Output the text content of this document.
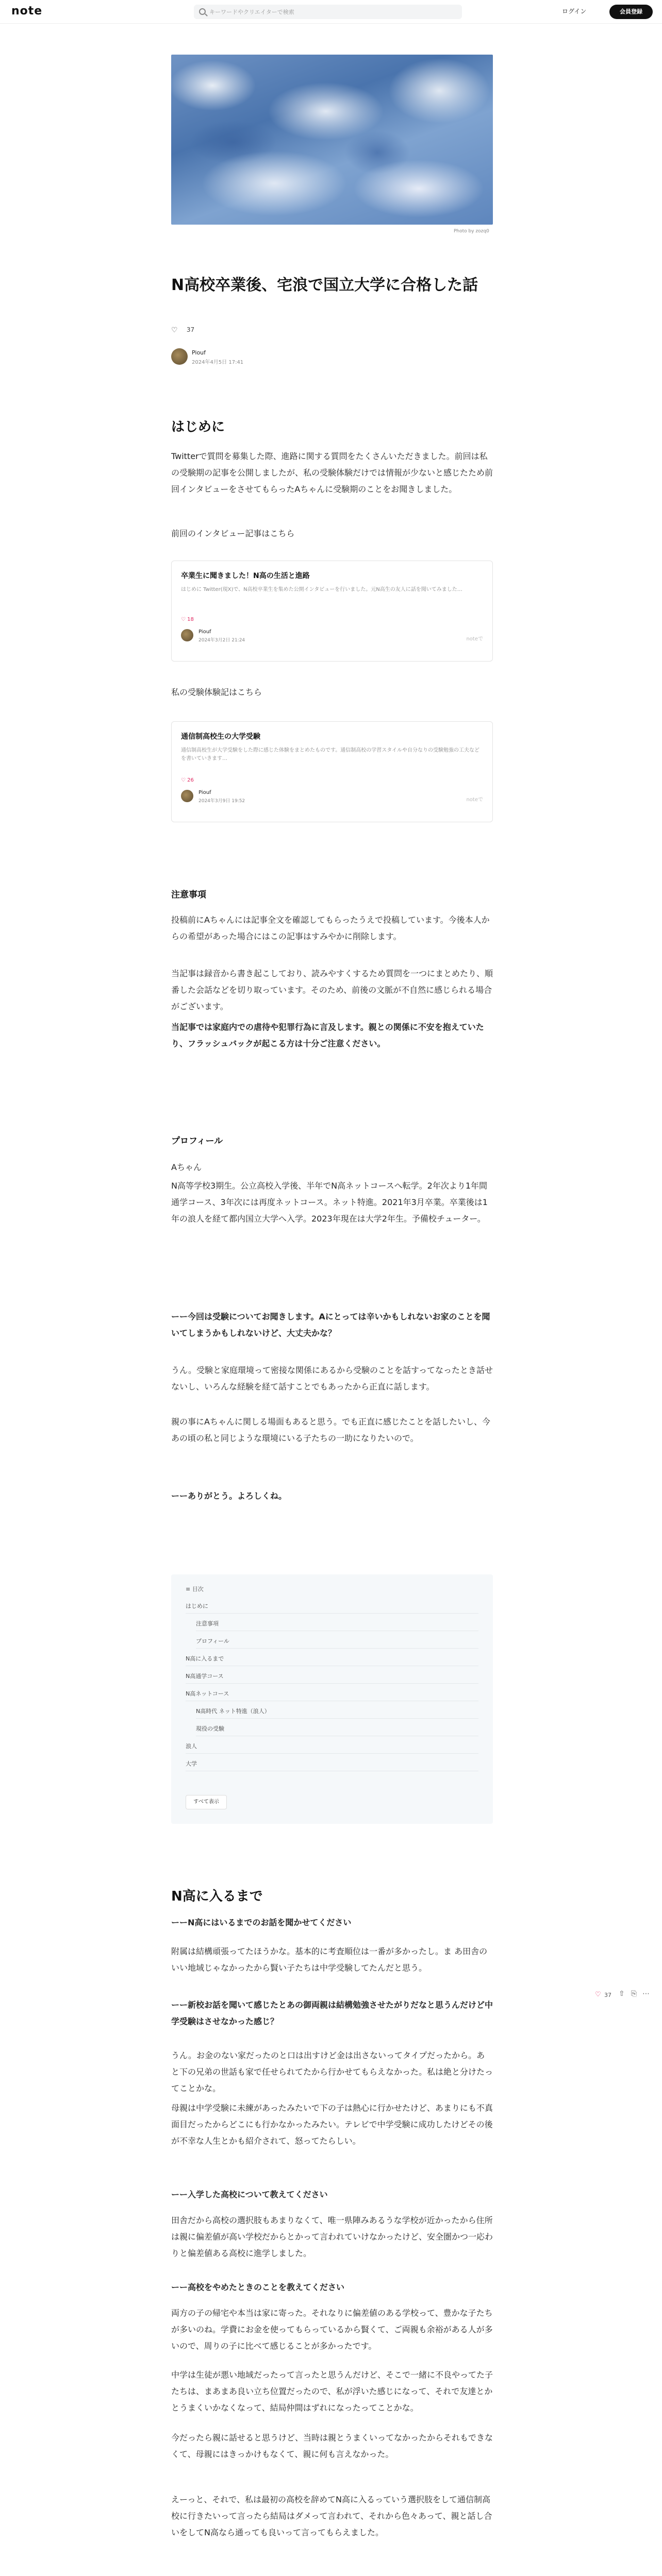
note
キーワードやクリエイターで検索	ログイン	会員登録
Photo by zozq0
N高校卒業後、宅浪で国立大学に合格した話
♡ 37
Piouf
2024年4月5日 17:41
はじめに
Twitterで質問を募集した際、進路に関する質問をたくさんいただきました。前回は私の受験期の記事を公開しましたが、私の受験体験だけでは情報が少ないと感じたため前回インタビューをさせてもらったAちゃんに受験期のことをお聞きしました。
前回のインタビュー記事はこちら
卒業生に聞きました！N高の生活と進路
はじめに Twitter(現X)で、N高校卒業生を集めた公開インタビューを行いました。元N高生の友人に話を聞いてみました…
♡ 18
Piouf
2024年3月2日 21:24	noteで
私の受験体験記はこちら
通信制高校生の大学受験
通信制高校生が大学受験をした際に感じた体験をまとめたものです。通信制高校の学習スタイルや自分なりの受験勉強の工夫などを書いていきます…
♡ 26
Piouf
2024年3月9日 19:52	noteで
注意事項
投稿前にAちゃんには記事全文を確認してもらったうえで投稿しています。今後本人からの希望があった場合にはこの記事はすみやかに削除します。
当記事は録音から書き起こしており、読みやすくするため質問を一つにまとめたり、順番した会話などを切り取っています。そのため、前後の文脈が不自然に感じられる場合がございます。
当記事では家庭内での虐待や犯罪行為に言及します。親との関係に不安を抱えていたり、フラッシュバックが起こる方は十分ご注意ください。
プロフィール
Aちゃん
N高等学校3期生。公立高校入学後、半年でN高ネットコースへ転学。2年次より1年間通学コース、3年次には再度ネットコース。ネット特進。2021年3月卒業。卒業後は1年の浪人を経て都内国立大学へ入学。2023年現在は大学2年生。予備校チューター。
ーー今回は受験についてお聞きします。Aにとっては辛いかもしれないお家のことを聞いてしまうかもしれないけど、大丈夫かな？
うん。受験と家庭環境って密接な関係にあるから受験のことを話すってなったとき話せないし、いろんな経験を経て話すことでもあったから正直に話します。
親の事にAちゃんに関しる場面もあると思う。でも正直に感じたことを話したいし、今あの頃の私と同じような環境にいる子たちの一助になりたいので。
ーーありがとう。よろしくね。
≡ 目次
はじめに
注意事項
プロフィール
N高に入るまで
N高通学コース
N高ネットコース
N高時代 ネット特進（浪人）
現役の受験
浪人
大学
すべて表示
N高に入るまで
ーーN高にはいるまでのお話を聞かせてください
附属は結構頑張ってたほうかな。基本的に考査順位は一番が多かったし。ま あ田舎のいい地域じゃなかったから賢い子たちは中学受験してたんだと思う。
ーー新校お話を聞いて感じたとあの御両親は結構勉強させたがりだなと思うんだけど中学受験はさせなかった感じ？
うん。お金のない家だったのと口は出すけど金は出さないってタイプだったから。あと下の兄弟の世話も家で任せられてたから行かせてもらえなかった。私は絶と分けたってことかな。
母親は中学受験に未練があったみたいで下の子は熱心に行かせたけど、あまりにも不真面目だったからどこにも行かなかったみたい。テレビで中学受験に成功したけどその後が不幸な人生とかも紹介されて、怒ってたらしい。
ーー入学した高校について教えてください
田舎だから高校の選択肢もあまりなくて、唯一県陣みあるうな学校が近かったから住所は親に偏差値が高い学校だからとかって言われていけなかったけど、安全圏かつ一応わりと偏差値ある高校に進学しました。
ーー高校をやめたときのことを教えてください
両方の子の帰宅や本当は家に寄った。それなりに偏差値のある学校って、豊かな子たちが多いのね。学費にお金を使ってもらっているから賢くて、ご両親も余裕がある人が多いので、周りの子に比べて感じることが多かったです。
中学は生徒が悪い地域だったって言ったと思うんだけど、そこで一緒に不良やってた子たちは、まあまあ良い立ち位置だったので、私が浮いた感じになって、それで友達とかとうまくいかなくなって、結局仲間はずれになったってことかな。
今だったら親に話せると思うけど、当時は親とうまくいってなかったからそれもできなくて、母親にはきっかけもなくて、親に何も言えなかった。
えーっと、それで、私は最初の高校を辞めてN高に入るっていう選択肢をして通信制高校に行きたいって言ったら結局はダメって言われて、それから色々あって、親と話し合いをしてN高なら通っても良いって言ってもらえました。
♡ 37 ⇧ ⎘ ⋯
